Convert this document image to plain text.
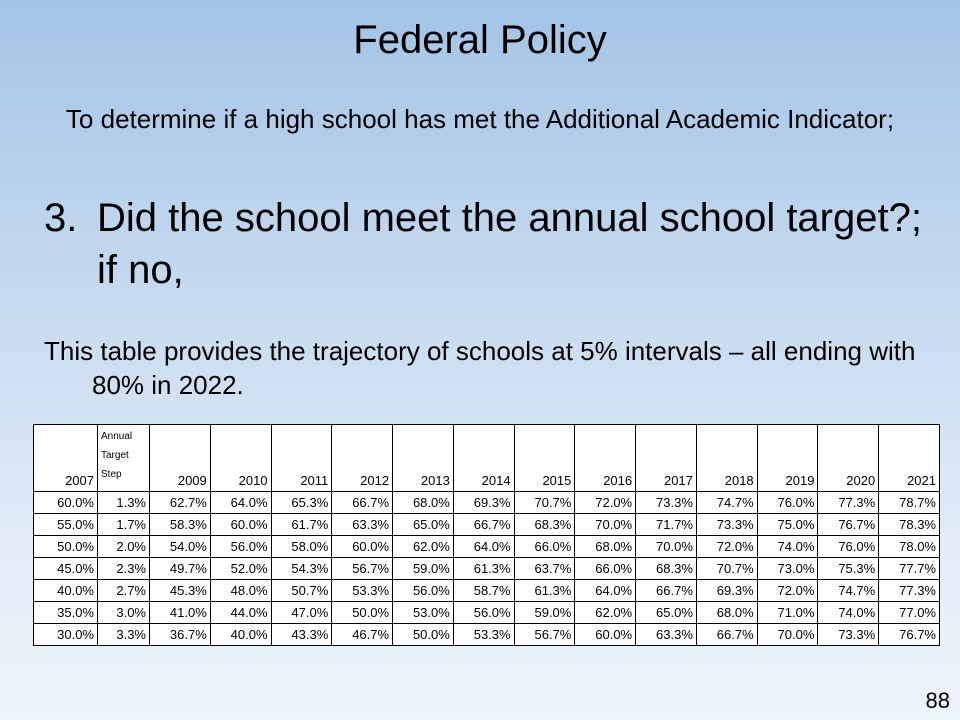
Federal Policy
To determine if a high school has met the Additional Academic Indicator;
3. Did the school meet the annual school target?; if no,
This table provides the trajectory of schools at 5% intervals – all ending with 80% in 2022.
2007	Annual Target Step	2009	2010	2011	2012	2013	2014	2015	2016	2017	2018	2019	2020	2021
60.0%	1.3%	62.7%	64.0%	65.3%	66.7%	68.0%	69.3%	70.7%	72.0%	73.3%	74.7%	76.0%	77.3%	78.7%
55.0%	1.7%	58.3%	60.0%	61.7%	63.3%	65.0%	66.7%	68.3%	70.0%	71.7%	73.3%	75.0%	76.7%	78.3%
50.0%	2.0%	54.0%	56.0%	58.0%	60.0%	62.0%	64.0%	66.0%	68.0%	70.0%	72.0%	74.0%	76.0%	78.0%
45.0%	2.3%	49.7%	52.0%	54.3%	56.7%	59.0%	61.3%	63.7%	66.0%	68.3%	70.7%	73.0%	75.3%	77.7%
40.0%	2.7%	45.3%	48.0%	50.7%	53.3%	56.0%	58.7%	61.3%	64.0%	66.7%	69.3%	72.0%	74.7%	77.3%
35.0%	3.0%	41.0%	44.0%	47.0%	50.0%	53.0%	56.0%	59.0%	62.0%	65.0%	68.0%	71.0%	74.0%	77.0%
30.0%	3.3%	36.7%	40.0%	43.3%	46.7%	50.0%	53.3%	56.7%	60.0%	63.3%	66.7%	70.0%	73.3%	76.7%
88
